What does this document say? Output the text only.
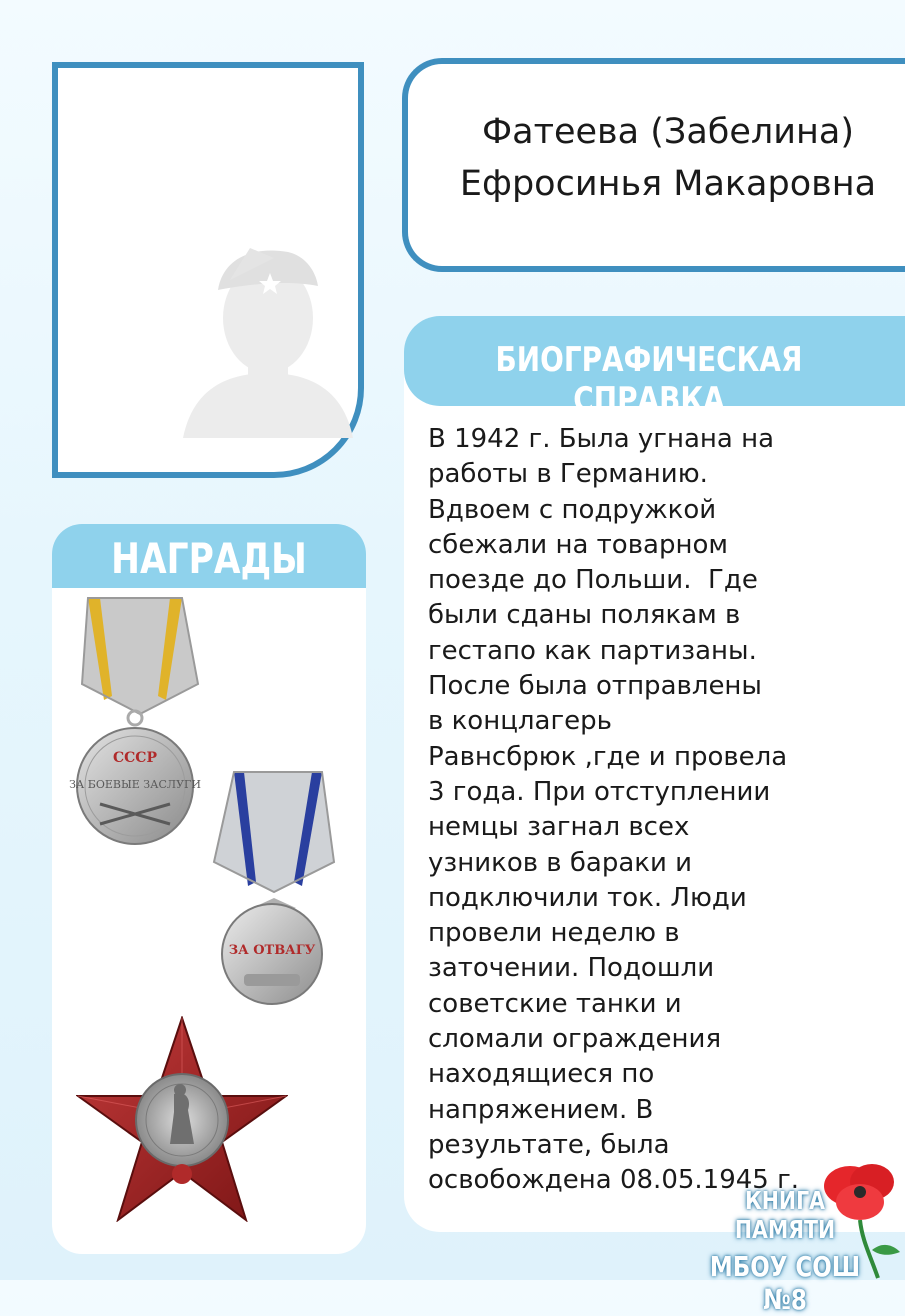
Фатеева (Забелина)
Ефросинья Макаровна
БИОГРАФИЧЕСКАЯ СПРАВКА
В 1942 г. Была угнана на
работы в Германию.
Вдвоем с подружкой
сбежали на товарном
поезде до Польши.  Где
были сданы полякам в
гестапо как партизаны.
После была отправлены
в концлагерь
Равнсбрюк ,где и провела
3 года. При отступлении
немцы загнал всех
узников в бараки и
подключили ток. Люди
провели неделю в
заточении. Подошли
советские танки и
сломали ограждения
находящиеся по
напряжением. В
результате, была
освобождена 08.05.1945 г.
НАГРАДЫ
СССР
ЗА БОЕВЫЕ ЗАСЛУГИ
ЗА ОТВАГУ
КНИГА ПАМЯТИ
МБОУ СОШ №8
